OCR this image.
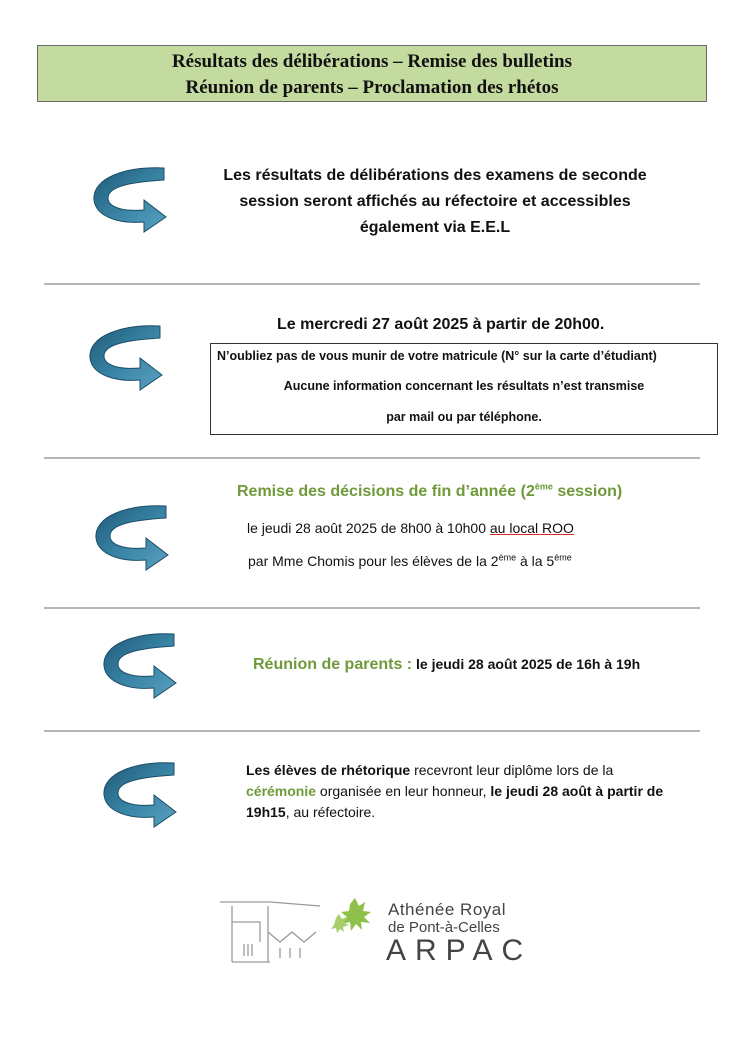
Résultats des délibérations – Remise des bulletins
Réunion de parents – Proclamation des rhétos
Les résultats de délibérations des examens de seconde
session seront affichés au réfectoire et accessibles
également via E.E.L
Le mercredi 27 août 2025 à partir de 20h00.
N’oubliez pas de vous munir de votre matricule (N° sur la carte d’étudiant)
Aucune information concernant les résultats n’est transmise
par mail ou par téléphone.
Remise des décisions de fin d’année (2ème session)
le jeudi 28 août 2025 de 8h00 à 10h00 au local ROO
par Mme Chomis pour les élèves de la 2ème à la 5ème
Réunion de parents : le jeudi 28 août 2025 de 16h à 19h
Les élèves de rhétorique recevront leur diplôme lors de la cérémonie organisée en leur honneur, le jeudi 28 août à partir de 19h15, au réfectoire.
Athénée Royal
de Pont-à-Celles
ARPAC
